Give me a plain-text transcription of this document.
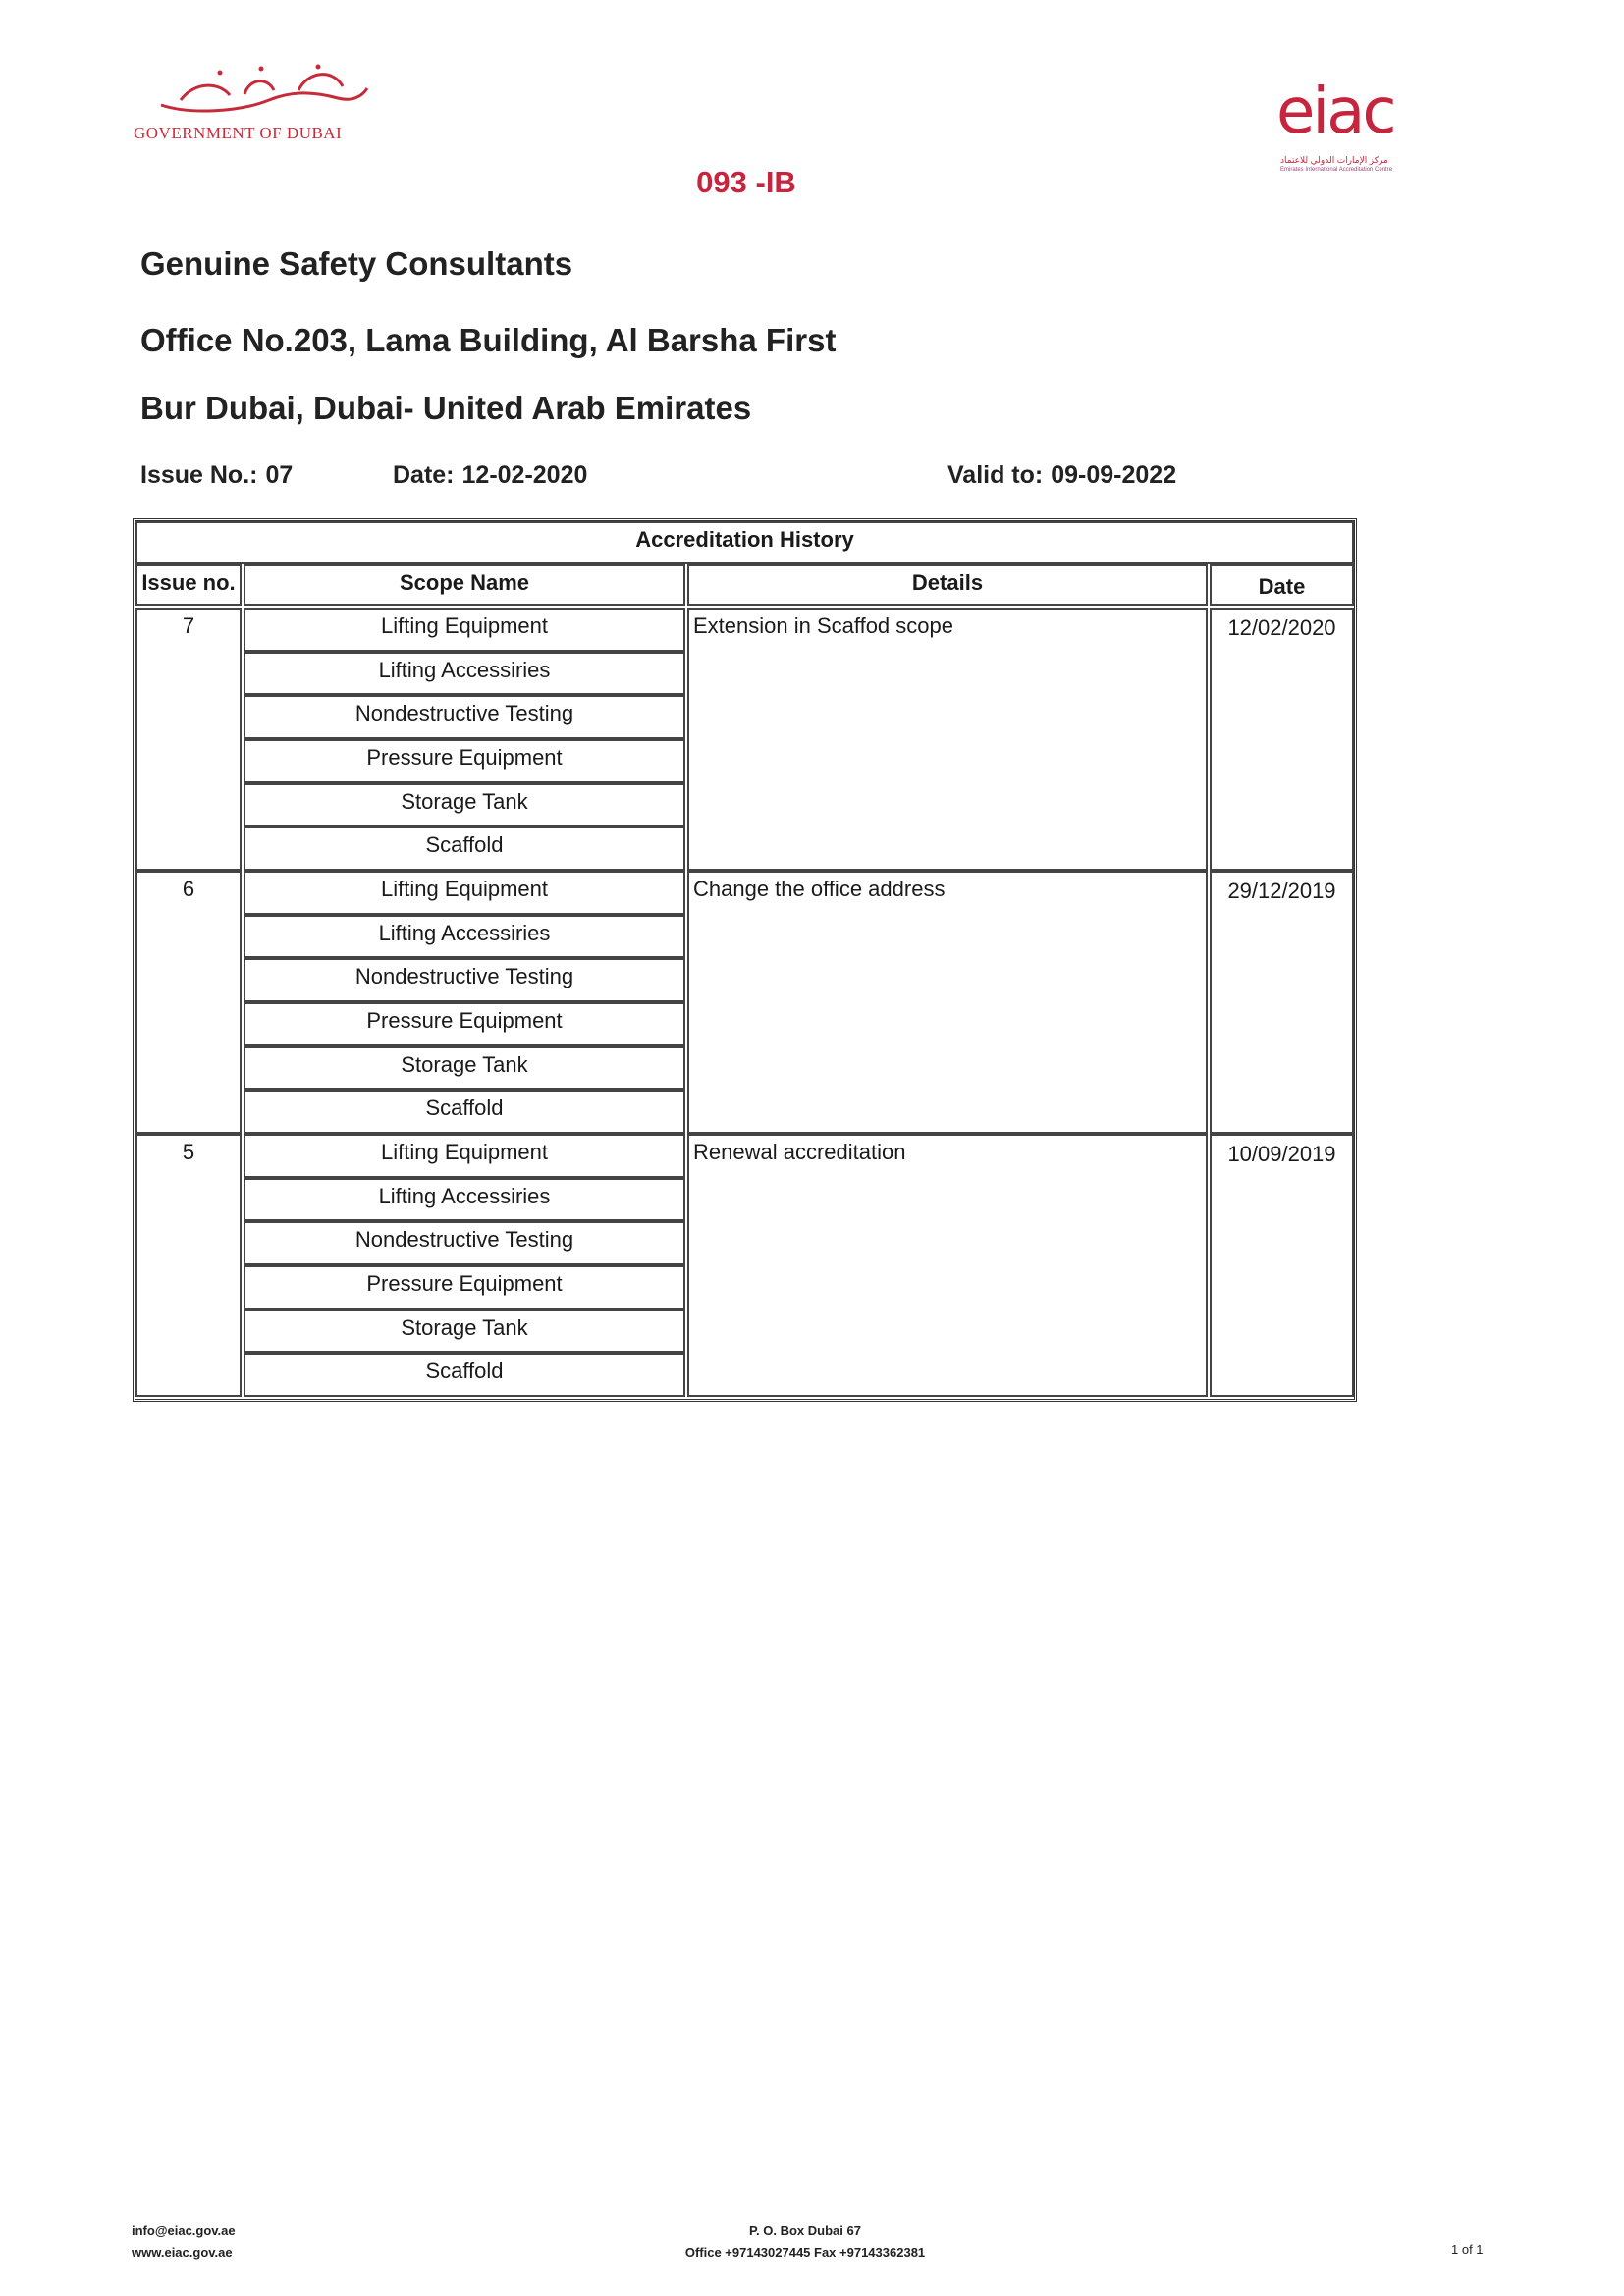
GOVERNMENT OF DUBAI	eiac
مركز الإمارات الدولي للاعتماد
Emirates International Accreditation Centre
093 -IB
Genuine Safety Consultants
Office No.203, Lama Building, Al Barsha First
Bur Dubai, Dubai- United Arab Emirates
Issue No.: 07	Date: 12-02-2020	Valid to: 09-09-2022
Accreditation History
Issue no.	Scope Name	Details	Date
7	Lifting Equipment
Lifting Accessiries
Nondestructive Testing
Pressure Equipment
Storage Tank
Scaffold
Extension in Scaffod scope	12/02/2020
6	Lifting Equipment
Lifting Accessiries
Nondestructive Testing
Pressure Equipment
Storage Tank
Scaffold
Change the office address	29/12/2019
5	Lifting Equipment
Lifting Accessiries
Nondestructive Testing
Pressure Equipment
Storage Tank
Scaffold
Renewal accreditation	10/09/2019
info@eiac.gov.ae
www.eiac.gov.ae
P. O. Box Dubai 67
Office +97143027445 Fax +97143362381	1 of 1
